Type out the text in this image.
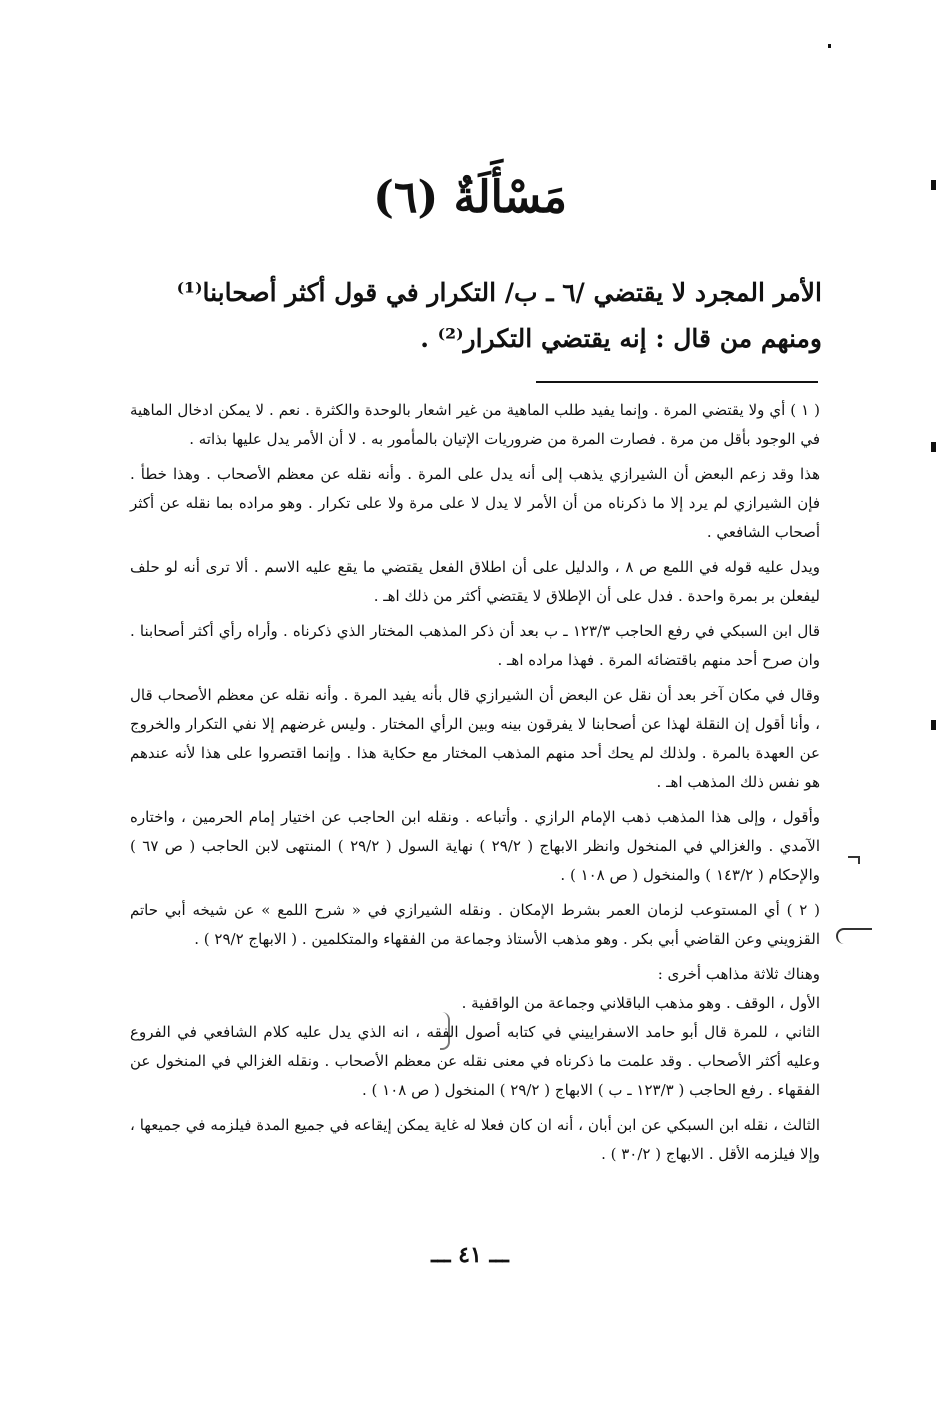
مَسْأَلَةٌ (٦)
الأمر المجرد لا يقتضي /٦ ـ ب/ التكرار في قول أكثر أصحابنا⁽¹⁾
ومنهم من قال : إنه يقتضي التكرار⁽²⁾ .

( ١ ) أي ولا يقتضي المرة . وإنما يفيد طلب الماهية من غير اشعار بالوحدة والكثرة . نعم . لا يمكن ادخال الماهية في الوجود بأقل من مرة . فصارت المرة من ضروريات الإتيان بالمأمور به . لا أن الأمر يدل عليها بذاته .

هذا وقد زعم البعض أن الشيرازي يذهب إلى أنه يدل على المرة . وأنه نقله عن معظم الأصحاب . وهذا خطأ . فإن الشيرازي لم يرد إلا ما ذكرناه من أن الأمر لا يدل لا على مرة ولا على تكرار . وهو مراده بما نقله عن أكثر أصحاب الشافعي .

ويدل عليه قوله في اللمع ص ٨ ، والدليل على أن اطلاق الفعل يقتضي ما يقع عليه الاسم . ألا ترى أنه لو حلف ليفعلن بر بمرة واحدة . فدل على أن الإطلاق لا يقتضي أكثر من ذلك اهـ .

قال ابن السبكي في رفع الحاجب ١٢٣/٣ ـ ب بعد أن ذكر المذهب المختار الذي ذكرناه . وأراه رأي أكثر أصحابنا . وان صرح أحد منهم باقتضائه المرة . فهذا مراده اهـ .

وقال في مكان آخر بعد أن نقل عن البعض أن الشيرازي قال بأنه يفيد المرة . وأنه نقله عن معظم الأصحاب قال ، وأنا أقول إن النقلة لهذا عن أصحابنا لا يفرقون بينه وبين الرأي المختار . وليس غرضهم إلا نفي التكرار والخروج عن العهدة بالمرة . ولذلك لم يحك أحد منهم المذهب المختار مع حكاية هذا . وإنما اقتصروا على هذا لأنه عندهم هو نفس ذلك المذهب اهـ .

وأقول ، وإلى هذا المذهب ذهب الإمام الرازي . وأتباعه . ونقله ابن الحاجب عن اختيار إمام الحرمين ، واختاره الآمدي . والغزالي في المنخول وانظر الابهاج ( ٢٩/٢ ) نهاية السول ( ٢٩/٢ ) المنتهى لابن الحاجب ( ص ٦٧ ) والإحكام ( ١٤٣/٢ ) والمنخول ( ص ١٠٨ ) .

( ٢ ) أي المستوعب لزمان العمر بشرط الإمكان . ونقله الشيرازي في « شرح اللمع » عن شيخه أبي حاتم القزويني وعن القاضي أبي بكر . وهو مذهب الأستاذ وجماعة من الفقهاء والمتكلمين . ( الابهاج ٢٩/٢ ) .

وهناك ثلاثة مذاهب أخرى :

الأول ، الوقف . وهو مذهب الباقلاني وجماعة من الواقفية .

الثاني ، للمرة قال أبو حامد الاسفراييني في كتابه أصول الفقه ، انه الذي يدل عليه كلام الشافعي في الفروع وعليه أكثر الأصحاب . وقد علمت ما ذكرناه في معنى نقله عن معظم الأصحاب . ونقله الغزالي في المنخول عن الفقهاء . رفع الحاجب ( ١٢٣/٣ ـ ب ) الابهاج ( ٢٩/٢ ) المنخول ( ص ١٠٨ ) .

الثالث ، نقله ابن السبكي عن ابن أبان ، أنه ان كان فعلا له غاية يمكن إيقاعه في جميع المدة فيلزمه في جميعها ، وإلا فيلزمه الأقل . الابهاج ( ٣٠/٢ ) .

ـــ ٤١ ـــ
